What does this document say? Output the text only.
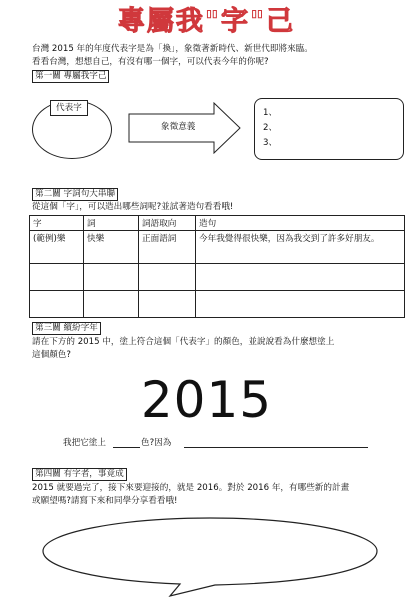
專屬我"字"己
台灣 2015 年的年度代表字是為「換」，象徵著新時代、新世代即將來臨。
看看台灣，想想自己，有沒有哪一個字，可以代表今年的你呢?
第一關 專屬我字己
代表字
象徵意義
1、
2、
3、
第二關 字詞句大串聯
從這個「字」，可以造出哪些詞呢?並試著造句看看哦!
字	詞	詞語取向	造句
(範例)樂	快樂	正面語詞	今年我覺得很快樂，因為我交到了許多好朋友。

第三關 繽紛字年
請在下方的 2015 中，塗上符合這個「代表字」的顏色，並說說看為什麼想塗上
這個顏色?
2015
我把它塗上	色?因為
第四關 有字者，事竟成
2015 就要過完了，接下來要迎接的，就是 2016。對於 2016 年，有哪些新的計畫
或願望嗎?請寫下來和同學分享看看哦!
